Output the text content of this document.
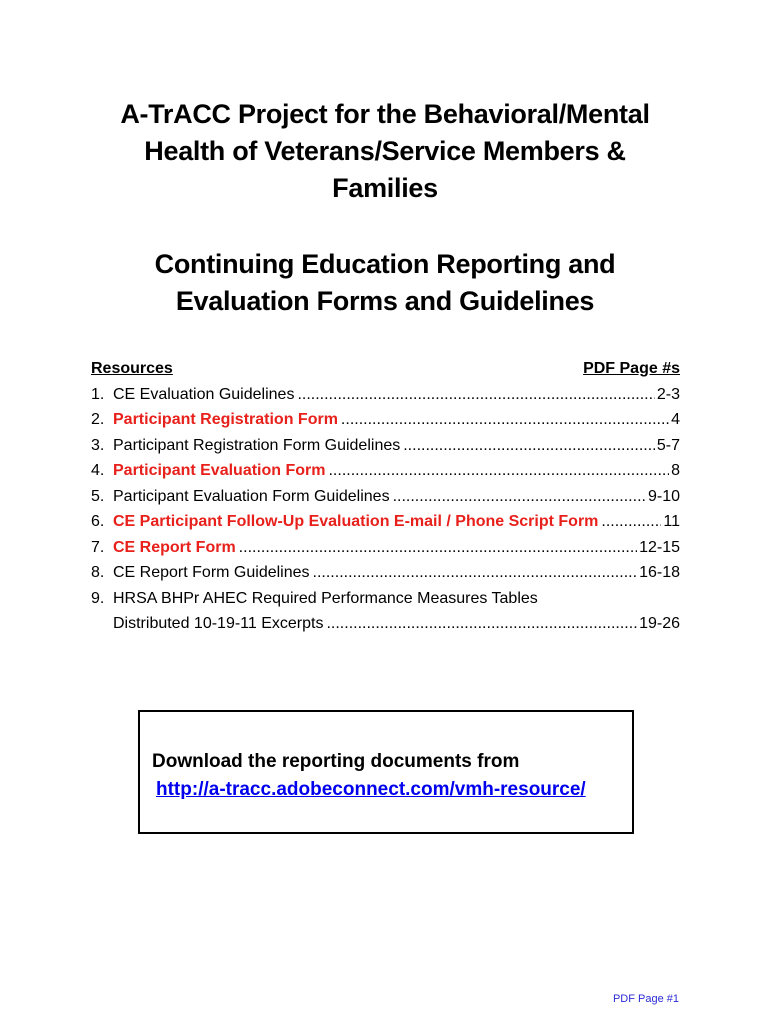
A-TrACC Project for the Behavioral/Mental
Health of Veterans/Service Members &
Families
Continuing Education Reporting and
Evaluation Forms and Guidelines
Resources	PDF Page #s
1. CE Evaluation Guidelines .....	2-3
2. Participant Registration Form .....	4
3. Participant Registration Form Guidelines .....	5-7
4. Participant Evaluation Form .....	8
5. Participant Evaluation Form Guidelines .....	9-10
6. CE Participant Follow-Up Evaluation E-mail / Phone Script Form .....	11
7. CE Report Form .....	12-15
8. CE Report Form Guidelines .....	16-18
9. HRSA BHPr AHEC Required Performance Measures Tables
Distributed 10-19-11 Excerpts .....	19-26
Download the reporting documents from
http://a-tracc.adobeconnect.com/vmh-resource/
PDF Page #1
